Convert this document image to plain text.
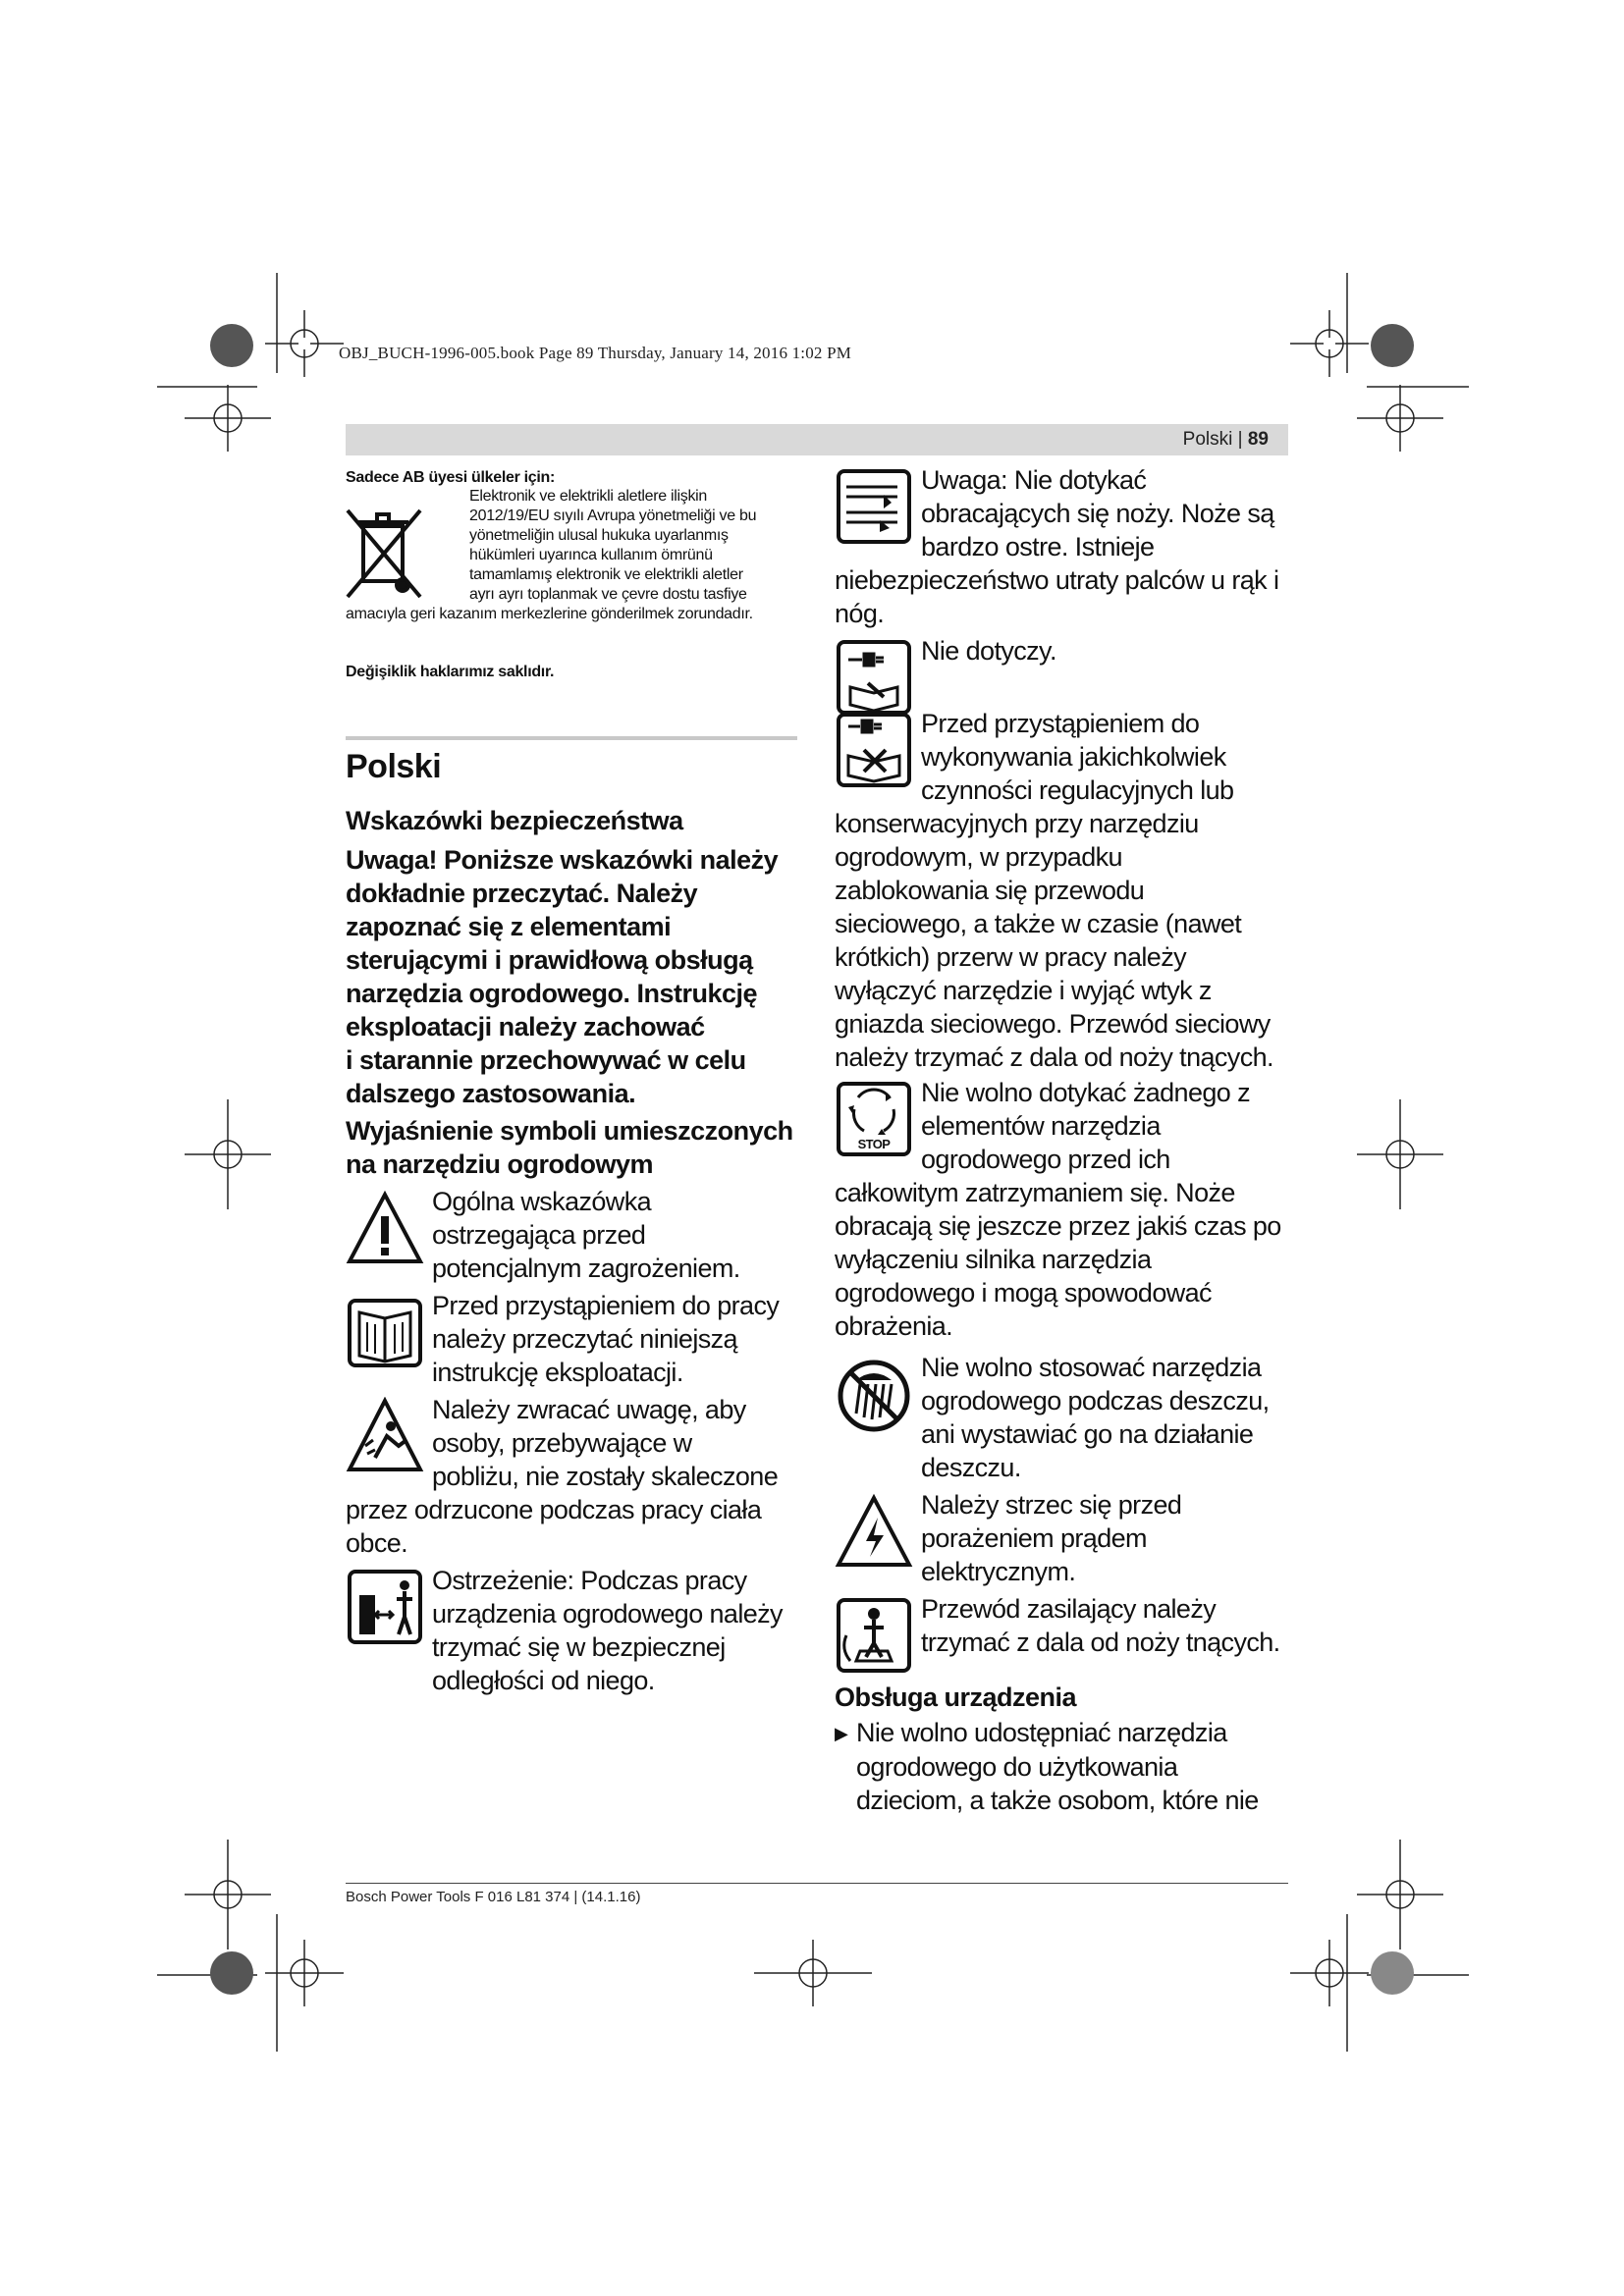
OBJ_BUCH-1996-005.book Page 89 Thursday, January 14, 2016 1:02 PM
Polski | 89
Sadece AB üyesi ülkeler için:
Elektronik ve elektrikli aletlere ilişkin
2012/19/EU sıyılı Avrupa yönetmeliği ve bu
yönetmeliğin ulusal hukuka uyarlanmış
hükümleri uyarınca kullanım ömrünü
tamamlamış elektronik ve elektrikli aletler
ayrı ayrı toplanmak ve çevre dostu tasfiye
amacıyla geri kazanım merkezlerine gönderilmek zorundadır.
Değişiklik haklarımız saklıdır.
Polski
Wskazówki bezpieczeństwa
Uwaga! Poniższe wskazówki należy
dokładnie przeczytać. Należy
zapoznać się z elementami
sterującymi i prawidłową obsługą
narzędzia ogrodowego. Instrukcję
eksploatacji należy zachować
i starannie przechowywać w celu
dalszego zastosowania.
Wyjaśnienie symboli umieszczonych
na narzędziu ogrodowym
Ogólna wskazówka
ostrzegająca przed
potencjalnym zagrożeniem.
Przed przystąpieniem do pracy
należy przeczytać niniejszą
instrukcję eksploatacji.
Należy zwracać uwagę, aby
osoby, przebywające w
pobliżu, nie zostały skaleczone
przez odrzucone podczas pracy ciała
obce.
Ostrzeżenie: Podczas pracy
urządzenia ogrodowego należy
trzymać się w bezpiecznej
odległości od niego.
Uwaga: Nie dotykać
obracających się noży. Noże są
bardzo ostre. Istnieje
niebezpieczeństwo utraty palców u rąk i
nóg.
Nie dotyczy.
Przed przystąpieniem do
wykonywania jakichkolwiek
czynności regulacyjnych lub
konserwacyjnych przy narzędziu
ogrodowym, w przypadku
zablokowania się przewodu
sieciowego, a także w czasie (nawet
krótkich) przerw w pracy należy
wyłączyć narzędzie i wyjąć wtyk z
gniazda sieciowego. Przewód sieciowy
należy trzymać z dala od noży tnących.
STOP
Nie wolno dotykać żadnego z
elementów narzędzia
ogrodowego przed ich
całkowitym zatrzymaniem się. Noże
obracają się jeszcze przez jakiś czas po
wyłączeniu silnika narzędzia
ogrodowego i mogą spowodować
obrażenia.
Nie wolno stosować narzędzia
ogrodowego podczas deszczu,
ani wystawiać go na działanie
deszczu.
Należy strzec się przed
porażeniem prądem
elektrycznym.
Przewód zasilający należy
trzymać z dala od noży tnących.
Obsługa urządzenia
▶ Nie wolno udostępniać narzędzia
ogrodowego do użytkowania
dzieciom, a także osobom, które nie
Bosch Power Tools F 016 L81 374 | (14.1.16)
